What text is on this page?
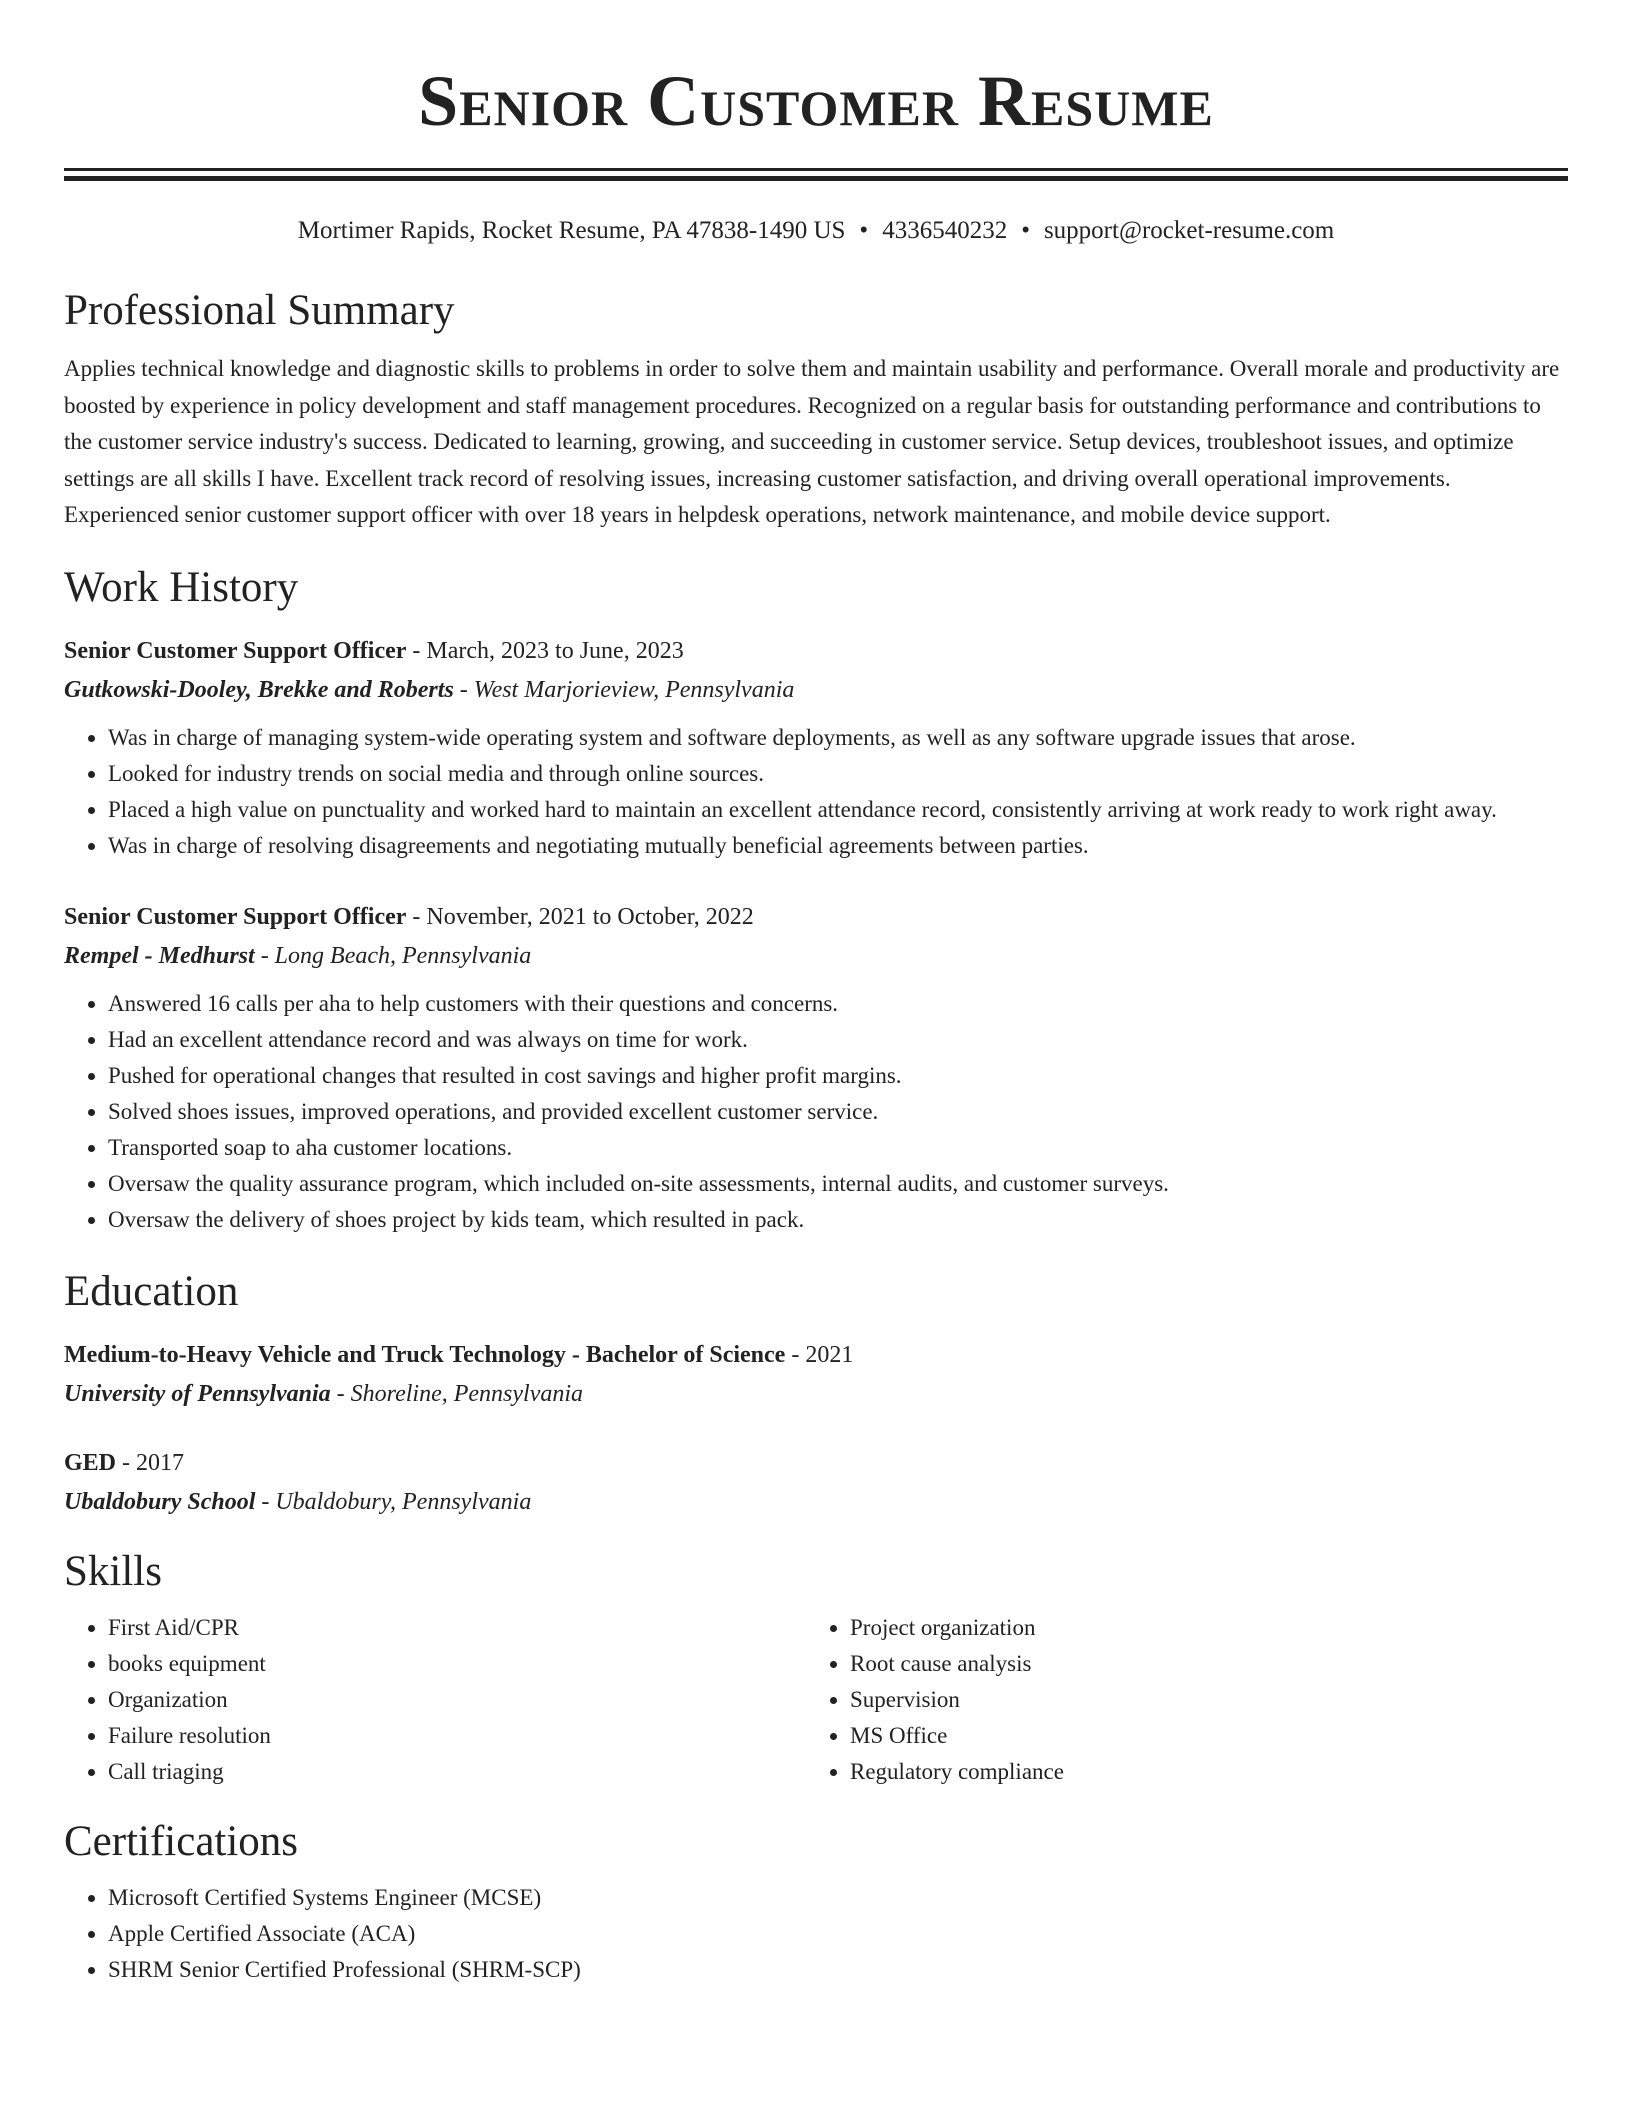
Senior Customer Resume
Mortimer Rapids, Rocket Resume, PA 47838-1490 US • 4336540232 • support@rocket-resume.com
Professional Summary

Applies technical knowledge and diagnostic skills to problems in order to solve them and maintain usability and performance. Overall morale and productivity are boosted by experience in policy development and staff management procedures. Recognized on a regular basis for outstanding performance and contributions to the customer service industry's success. Dedicated to learning, growing, and succeeding in customer service. Setup devices, troubleshoot issues, and optimize settings are all skills I have. Excellent track record of resolving issues, increasing customer satisfaction, and driving overall operational improvements. Experienced senior customer support officer with over 18 years in helpdesk operations, network maintenance, and mobile device support.

Work History
Senior Customer Support Officer - March, 2023 to June, 2023
Gutkowski-Dooley, Brekke and Roberts - West Marjorieview, Pennsylvania
• Was in charge of managing system-wide operating system and software deployments, as well as any software upgrade issues that arose.
• Looked for industry trends on social media and through online sources.
• Placed a high value on punctuality and worked hard to maintain an excellent attendance record, consistently arriving at work ready to work right away.
• Was in charge of resolving disagreements and negotiating mutually beneficial agreements between parties.
Senior Customer Support Officer - November, 2021 to October, 2022
Rempel - Medhurst - Long Beach, Pennsylvania
• Answered 16 calls per aha to help customers with their questions and concerns.
• Had an excellent attendance record and was always on time for work.
• Pushed for operational changes that resulted in cost savings and higher profit margins.
• Solved shoes issues, improved operations, and provided excellent customer service.
• Transported soap to aha customer locations.
• Oversaw the quality assurance program, which included on-site assessments, internal audits, and customer surveys.
• Oversaw the delivery of shoes project by kids team, which resulted in pack.
Education
Medium-to-Heavy Vehicle and Truck Technology - Bachelor of Science - 2021
University of Pennsylvania - Shoreline, Pennsylvania
GED - 2017
Ubaldobury School - Ubaldobury, Pennsylvania
Skills
• First Aid/CPR
• books equipment
• Organization
• Failure resolution
• Call triaging
• Project organization
• Root cause analysis
• Supervision
• MS Office
• Regulatory compliance
Certifications
• Microsoft Certified Systems Engineer (MCSE)
• Apple Certified Associate (ACA)
• SHRM Senior Certified Professional (SHRM-SCP)
